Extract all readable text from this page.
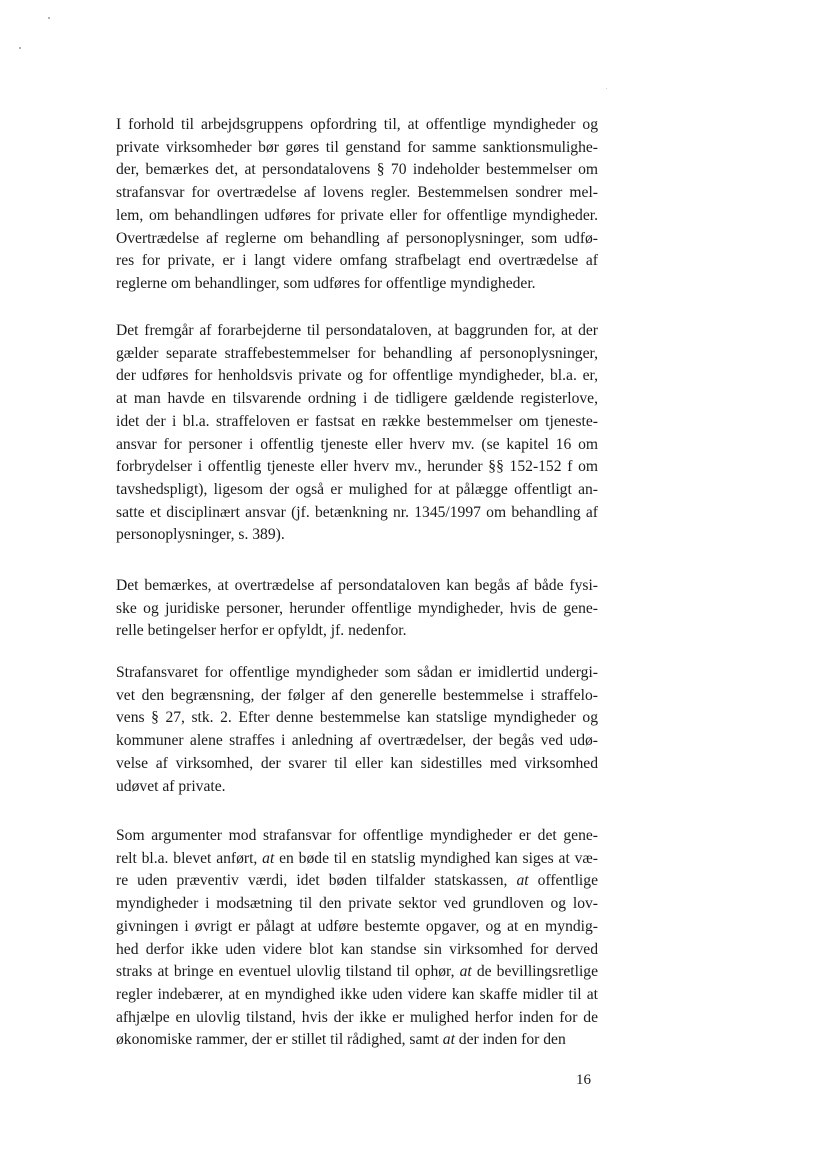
I forhold til arbejdsgruppens opfordring til, at offentlige myndigheder og
private virksomheder bør gøres til genstand for samme sanktionsmulighe-
der, bemærkes det, at persondatalovens § 70 indeholder bestemmelser om
strafansvar for overtrædelse af lovens regler. Bestemmelsen sondrer mel-
lem, om behandlingen udføres for private eller for offentlige myndigheder.
Overtrædelse af reglerne om behandling af personoplysninger, som udfø-
res for private, er i langt videre omfang strafbelagt end overtrædelse af
reglerne om behandlinger, som udføres for offentlige myndigheder.
Det fremgår af forarbejderne til persondataloven, at baggrunden for, at der
gælder separate straffebestemmelser for behandling af personoplysninger,
der udføres for henholdsvis private og for offentlige myndigheder, bl.a. er,
at man havde en tilsvarende ordning i de tidligere gældende registerlove,
idet der i bl.a. straffeloven er fastsat en række bestemmelser om tjeneste-
ansvar for personer i offentlig tjeneste eller hverv mv. (se kapitel 16 om
forbrydelser i offentlig tjeneste eller hverv mv., herunder §§ 152-152 f om
tavshedspligt), ligesom der også er mulighed for at pålægge offentligt an-
satte et disciplinært ansvar (jf. betænkning nr. 1345/1997 om behandling af
personoplysninger, s. 389).
Det bemærkes, at overtrædelse af persondataloven kan begås af både fysi-
ske og juridiske personer, herunder offentlige myndigheder, hvis de gene-
relle betingelser herfor er opfyldt, jf. nedenfor.
Strafansvaret for offentlige myndigheder som sådan er imidlertid undergi-
vet den begrænsning, der følger af den generelle bestemmelse i straffelo-
vens § 27, stk. 2. Efter denne bestemmelse kan statslige myndigheder og
kommuner alene straffes i anledning af overtrædelser, der begås ved udø-
velse af virksomhed, der svarer til eller kan sidestilles med virksomhed
udøvet af private.
Som argumenter mod strafansvar for offentlige myndigheder er det gene-
relt bl.a. blevet anført, at en bøde til en statslig myndighed kan siges at væ-
re uden præventiv værdi, idet bøden tilfalder statskassen, at offentlige
myndigheder i modsætning til den private sektor ved grundloven og lov-
givningen i øvrigt er pålagt at udføre bestemte opgaver, og at en myndig-
hed derfor ikke uden videre blot kan standse sin virksomhed for derved
straks at bringe en eventuel ulovlig tilstand til ophør, at de bevillingsretlige
regler indebærer, at en myndighed ikke uden videre kan skaffe midler til at
afhjælpe en ulovlig tilstand, hvis der ikke er mulighed herfor inden for de
økonomiske rammer, der er stillet til rådighed, samt at der inden for den
16
